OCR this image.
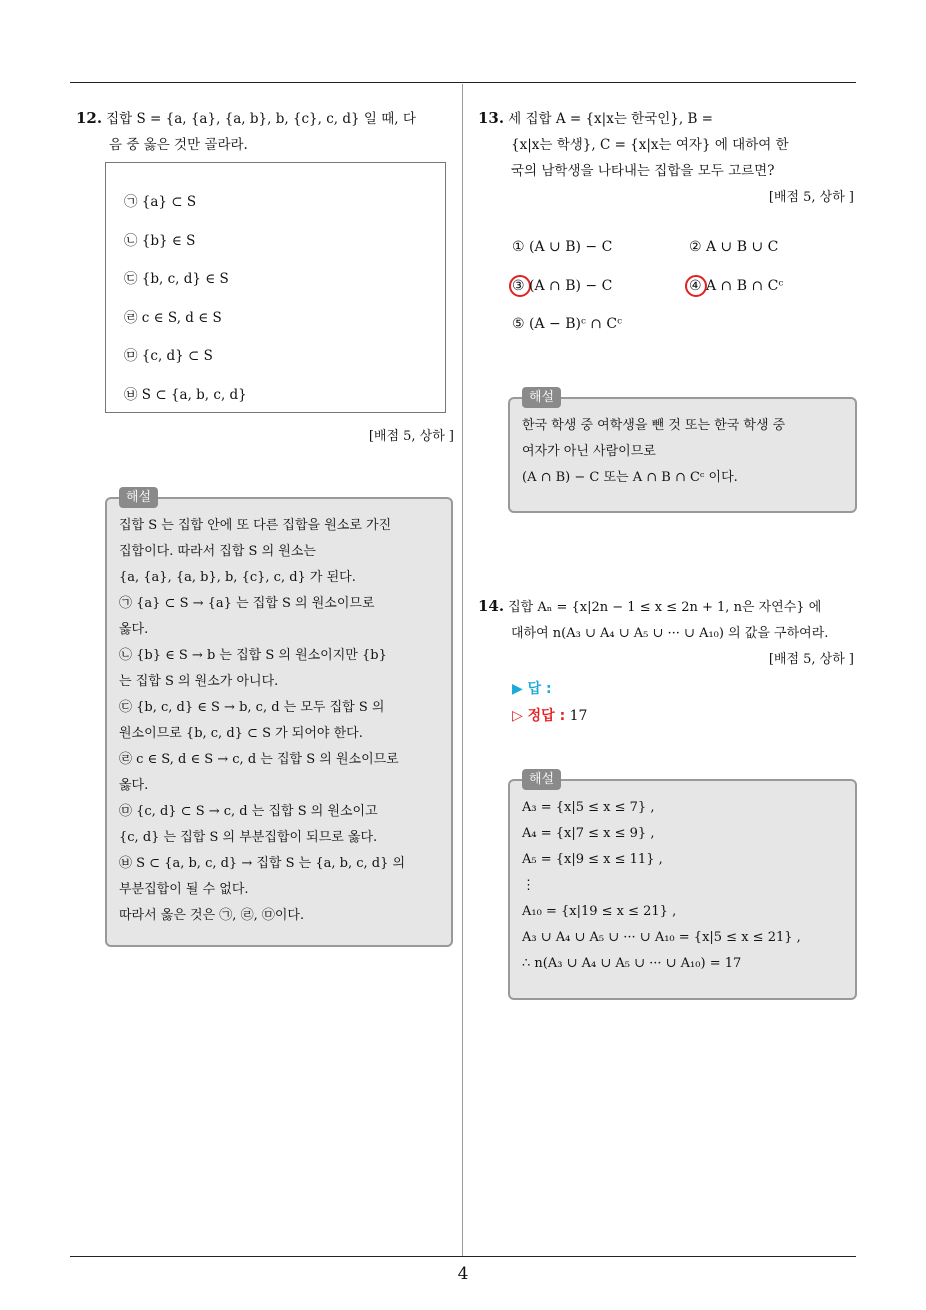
4
12. 집합 S = {a, {a}, {a, b}, b, {c}, c, d} 일 때, 다
음 중 옳은 것만 골라라.
㉠ {a} ⊂ S
㉡ {b} ∈ S
㉢ {b, c, d} ∈ S
㉣ c ∈ S, d ∈ S
㉤ {c, d} ⊂ S
㉥ S ⊂ {a, b, c, d}
[배점 5, 상하 ]
해설
집합 S 는 집합 안에 또 다른 집합을 원소로 가진
집합이다. 따라서 집합 S 의 원소는
{a, {a}, {a, b}, b, {c}, c, d} 가 된다.
㉠ {a} ⊂ S → {a} 는 집합 S 의 원소이므로
옳다.
㉡ {b} ∈ S → b 는 집합 S 의 원소이지만 {b}
는 집합 S 의 원소가 아니다.
㉢ {b, c, d} ∈ S → b, c, d 는 모두 집합 S 의
원소이므로 {b, c, d} ⊂ S 가 되어야 한다.
㉣ c ∈ S, d ∈ S → c, d 는 집합 S 의 원소이므로
옳다.
㉤ {c, d} ⊂ S → c, d 는 집합 S 의 원소이고
{c, d} 는 집합 S 의 부분집합이 되므로 옳다.
㉥ S ⊂ {a, b, c, d} → 집합 S 는 {a, b, c, d} 의
부분집합이 될 수 없다.
따라서 옳은 것은 ㉠, ㉣, ㉤이다.
13. 세 집합 A = {x|x는 한국인}, B =
{x|x는 학생}, C = {x|x는 여자} 에 대하여 한
국의 남학생을 나타내는 집합을 모두 고르면?
[배점 5, 상하 ]
① (A ∪ B) − C	② A ∪ B ∪ C
③ (A ∩ B) − C	④ A ∩ B ∩ Cᶜ
⑤ (A − B)ᶜ ∩ Cᶜ
해설
한국 학생 중 여학생을 뺀 것 또는 한국 학생 중
여자가 아닌 사람이므로
(A ∩ B) − C 또는 A ∩ B ∩ Cᶜ 이다.
14. 집합 Aₙ = {x|2n − 1 ≤ x ≤ 2n + 1, n은 자연수} 에
대하여 n(A₃ ∪ A₄ ∪ A₅ ∪ ··· ∪ A₁₀) 의 값을 구하여라.
[배점 5, 상하 ]
▶ 답 :
▷ 정답 : 17
해설
A₃ = {x|5 ≤ x ≤ 7} ,
A₄ = {x|7 ≤ x ≤ 9} ,
A₅ = {x|9 ≤ x ≤ 11} ,
⋮
A₁₀ = {x|19 ≤ x ≤ 21} ,
A₃ ∪ A₄ ∪ A₅ ∪ ··· ∪ A₁₀ = {x|5 ≤ x ≤ 21} ,
∴ n(A₃ ∪ A₄ ∪ A₅ ∪ ··· ∪ A₁₀) = 17
